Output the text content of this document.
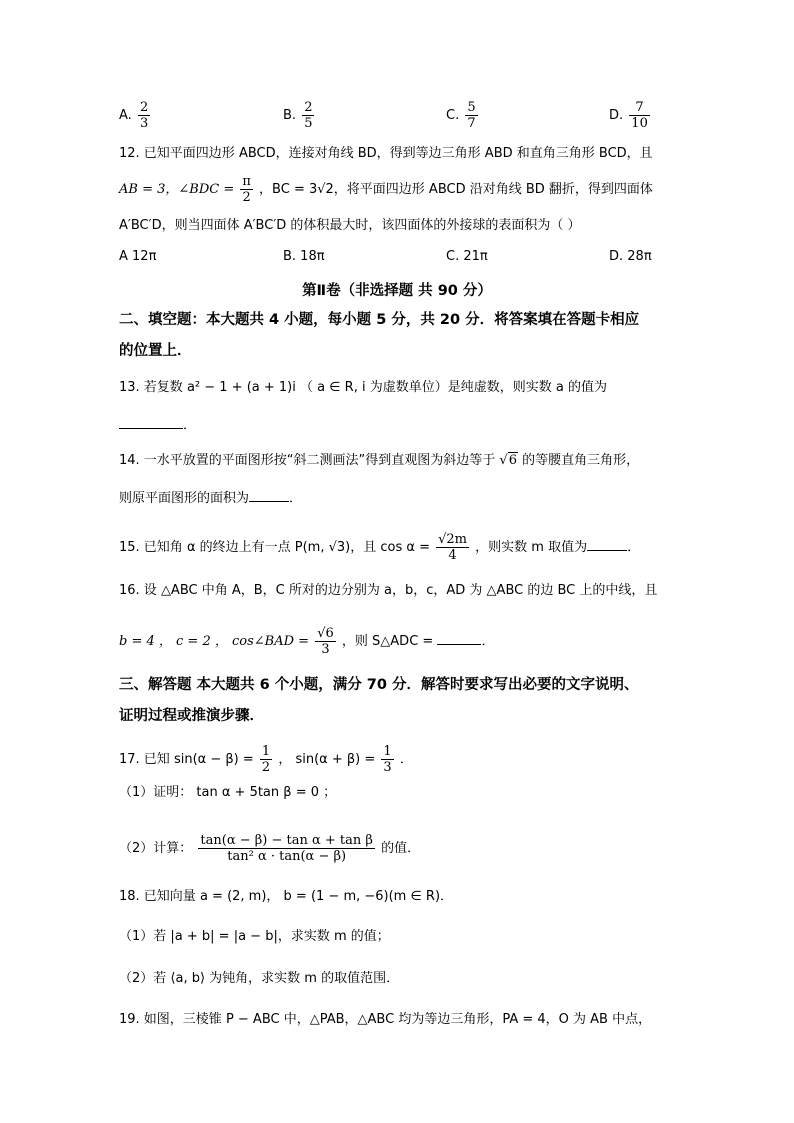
A. $\frac{2}{3}$	B. $\frac{2}{5}$	C. $\frac{5}{7}$	D. $\frac{7}{10}$
12. 已知平面四边形 ABCD，连接对角线 BD，得到等边三角形 ABD 和直角三角形 BCD，且
AB = 3，∠BDC = $\frac{\pi}{2}$ ，BC = 3√2，将平面四边形 ABCD 沿对角线 BD 翻折，得到四面体
A′BC′D，则当四面体 A′BC′D 的体积最大时，该四面体的外接球的表面积为（ ）
A 12π	B. 18π	C. 21π	D. 28π
第Ⅱ卷（非选择题 共 90 分）
二、填空题：本大题共 4 小题，每小题 5 分，共 20 分．将答案填在答题卡相应
的位置上．
13. 若复数 a² − 1 + (a + 1)i （ a ∈ R, i 为虚数单位）是纯虚数，则实数 a 的值为
．
14. 一水平放置的平面图形按“斜二测画法”得到直观图为斜边等于 √6 的等腰直角三角形，
则原平面图形的面积为	．
15. 已知角 α 的终边上有一点 P(m, √3)，且 $\cos \alpha = \frac{√2m}{4}$ ，则实数 m 取值为	．
16. 设 △ABC 中角 A，B，C 所对的边分别为 a，b，c，AD 为 △ABC 的边 BC 上的中线，且
b = 4 ， c = 2 ， cos∠BAD = $\frac{√6}{3}$ ，则 S△ADC =	．
三、解答题 本大题共 6 个小题，满分 70 分．解答时要求写出必要的文字说明、
证明过程或推演步骤．
17. 已知 $\sin(\alpha - \beta) = \frac{1}{2}$ ， $\sin(\alpha + \beta) = \frac{1}{3}$ ．
（1）证明： tan α + 5tan β = 0 ；
（2）计算： $\frac{\text{tan(α − β) − tan α + tan β}}{\text{tan² α · tan(α − β)}}$ 的值．
18. 已知向量 a = (2, m)， b = (1 − m, −6)(m ∈ R)．
（1）若 |a + b| = |a − b|，求实数 m 的值；
（2）若 ⟨a, b⟩ 为钝角，求实数 m 的取值范围．
19. 如图，三棱锥 P − ABC 中，△PAB，△ABC 均为等边三角形，PA = 4，O 为 AB 中点，
